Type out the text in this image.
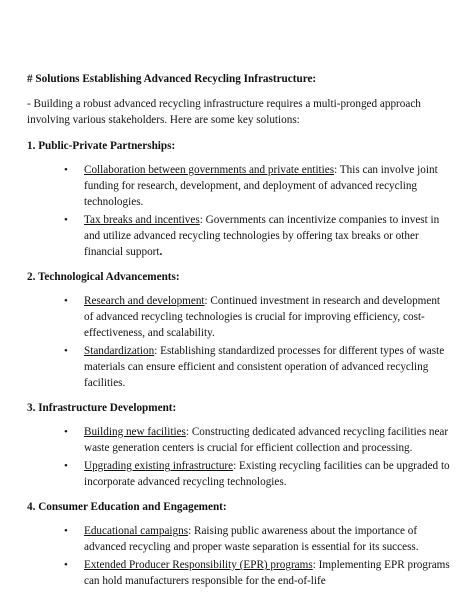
# Solutions Establishing Advanced Recycling Infrastructure:

- Building a robust advanced recycling infrastructure requires a multi-pronged approach involving various stakeholders. Here are some key solutions:

1. Public-Private Partnerships:

• Collaboration between governments and private entities: This can involve joint funding for research, development, and deployment of advanced recycling technologies.
• Tax breaks and incentives: Governments can incentivize companies to invest in and utilize advanced recycling technologies by offering tax breaks or other financial support.

2. Technological Advancements:

• Research and development: Continued investment in research and development of advanced recycling technologies is crucial for improving efficiency, cost-effectiveness, and scalability.
• Standardization: Establishing standardized processes for different types of waste materials can ensure efficient and consistent operation of advanced recycling facilities.

3. Infrastructure Development:

• Building new facilities: Constructing dedicated advanced recycling facilities near waste generation centers is crucial for efficient collection and processing.
• Upgrading existing infrastructure: Existing recycling facilities can be upgraded to incorporate advanced recycling technologies.

4. Consumer Education and Engagement:

• Educational campaigns: Raising public awareness about the importance of advanced recycling and proper waste separation is essential for its success.
• Extended Producer Responsibility (EPR) programs: Implementing EPR programs can hold manufacturers responsible for the end-of-life
